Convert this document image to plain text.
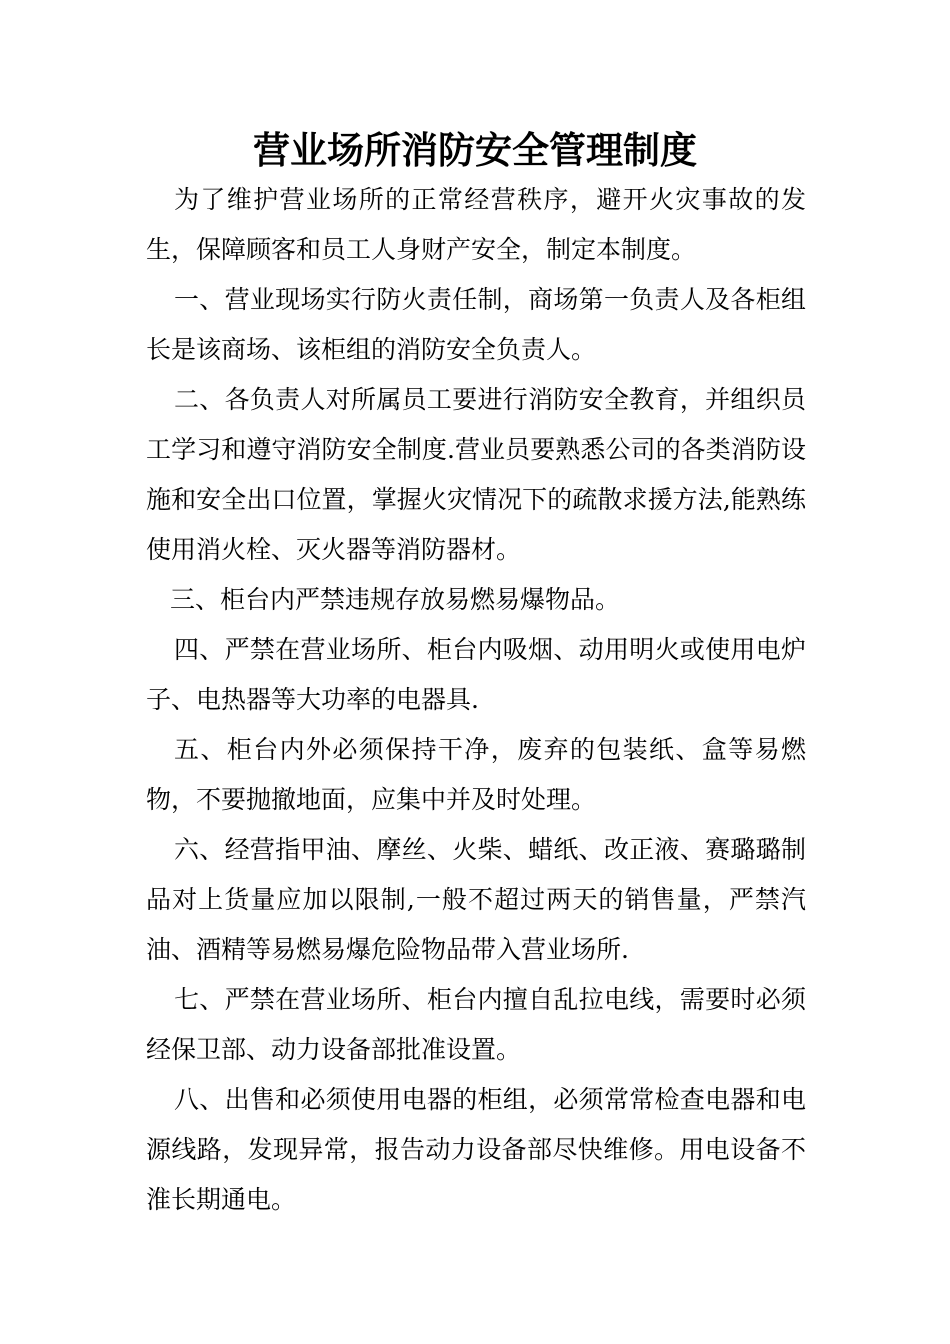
营业场所消防安全管理制度

为了维护营业场所的正常经营秩序，避开火灾事故的发生，保障顾客和员工人身财产安全，制定本制度。

一、营业现场实行防火责任制，商场第一负责人及各柜组长是该商场、该柜组的消防安全负责人。

二、各负责人对所属员工要进行消防安全教育，并组织员工学习和遵守消防安全制度.营业员要熟悉公司的各类消防设施和安全出口位置，掌握火灾情况下的疏散求援方法,能熟练使用消火栓、灭火器等消防器材。

三、柜台内严禁违规存放易燃易爆物品。

四、严禁在营业场所、柜台内吸烟、动用明火或使用电炉子、电热器等大功率的电器具.

五、柜台内外必须保持干净，废弃的包装纸、盒等易燃物，不要抛撤地面，应集中并及时处理。

六、经营指甲油、摩丝、火柴、蜡纸、改正液、赛璐璐制品对上货量应加以限制,一般不超过两天的销售量，严禁汽油、酒精等易燃易爆危险物品带入营业场所.

七、严禁在营业场所、柜台内擅自乱拉电线，需要时必须经保卫部、动力设备部批准设置。

八、出售和必须使用电器的柜组，必须常常检查电器和电源线路，发现异常，报告动力设备部尽快维修。用电设备不淮长期通电。
